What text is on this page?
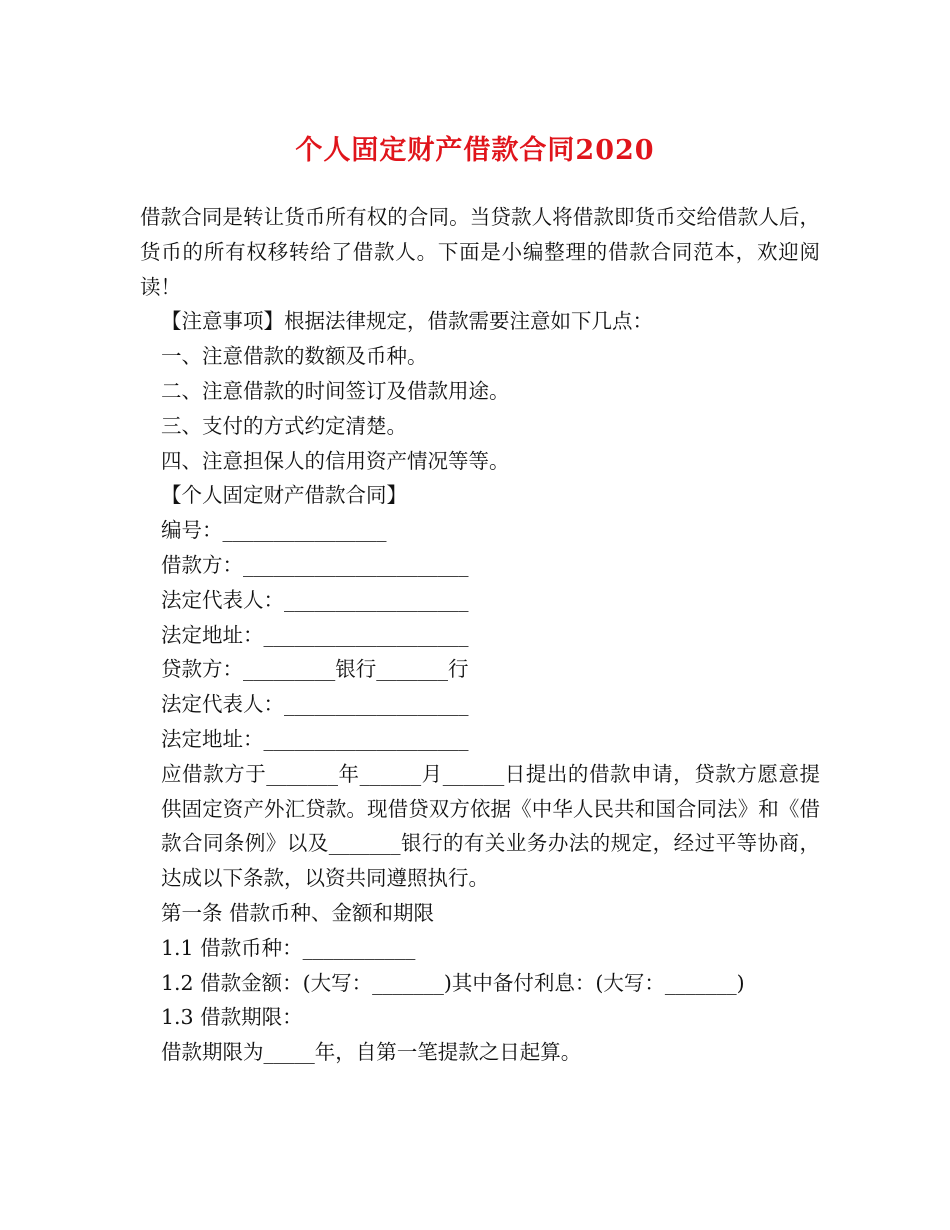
个人固定财产借款合同2020

借款合同是转让货币所有权的合同。当贷款人将借款即货币交给借款人后，货币的所有权移转给了借款人。下面是小编整理的借款合同范本，欢迎阅读！

【注意事项】根据法律规定，借款需要注意如下几点：

一、注意借款的数额及币种。

二、注意借款的时间签订及借款用途。

三、支付的方式约定清楚。

四、注意担保人的信用资产情况等等。

【个人固定财产借款合同】

编号：________________

借款方：______________________

法定代表人：__________________

法定地址：____________________

贷款方：_________银行_______行

法定代表人：__________________

法定地址：____________________

应借款方于_______年______月______日提出的借款申请，贷款方愿意提供固定资产外汇贷款。现借贷双方依据《中华人民共和国合同法》和《借款合同条例》以及_______银行的有关业务办法的规定，经过平等协商，达成以下条款，以资共同遵照执行。

第一条 借款币种、金额和期限

1.1 借款币种：___________

1.2 借款金额：(大写：_______)其中备付利息：(大写：_______)

1.3 借款期限：

借款期限为_____年，自第一笔提款之日起算。
